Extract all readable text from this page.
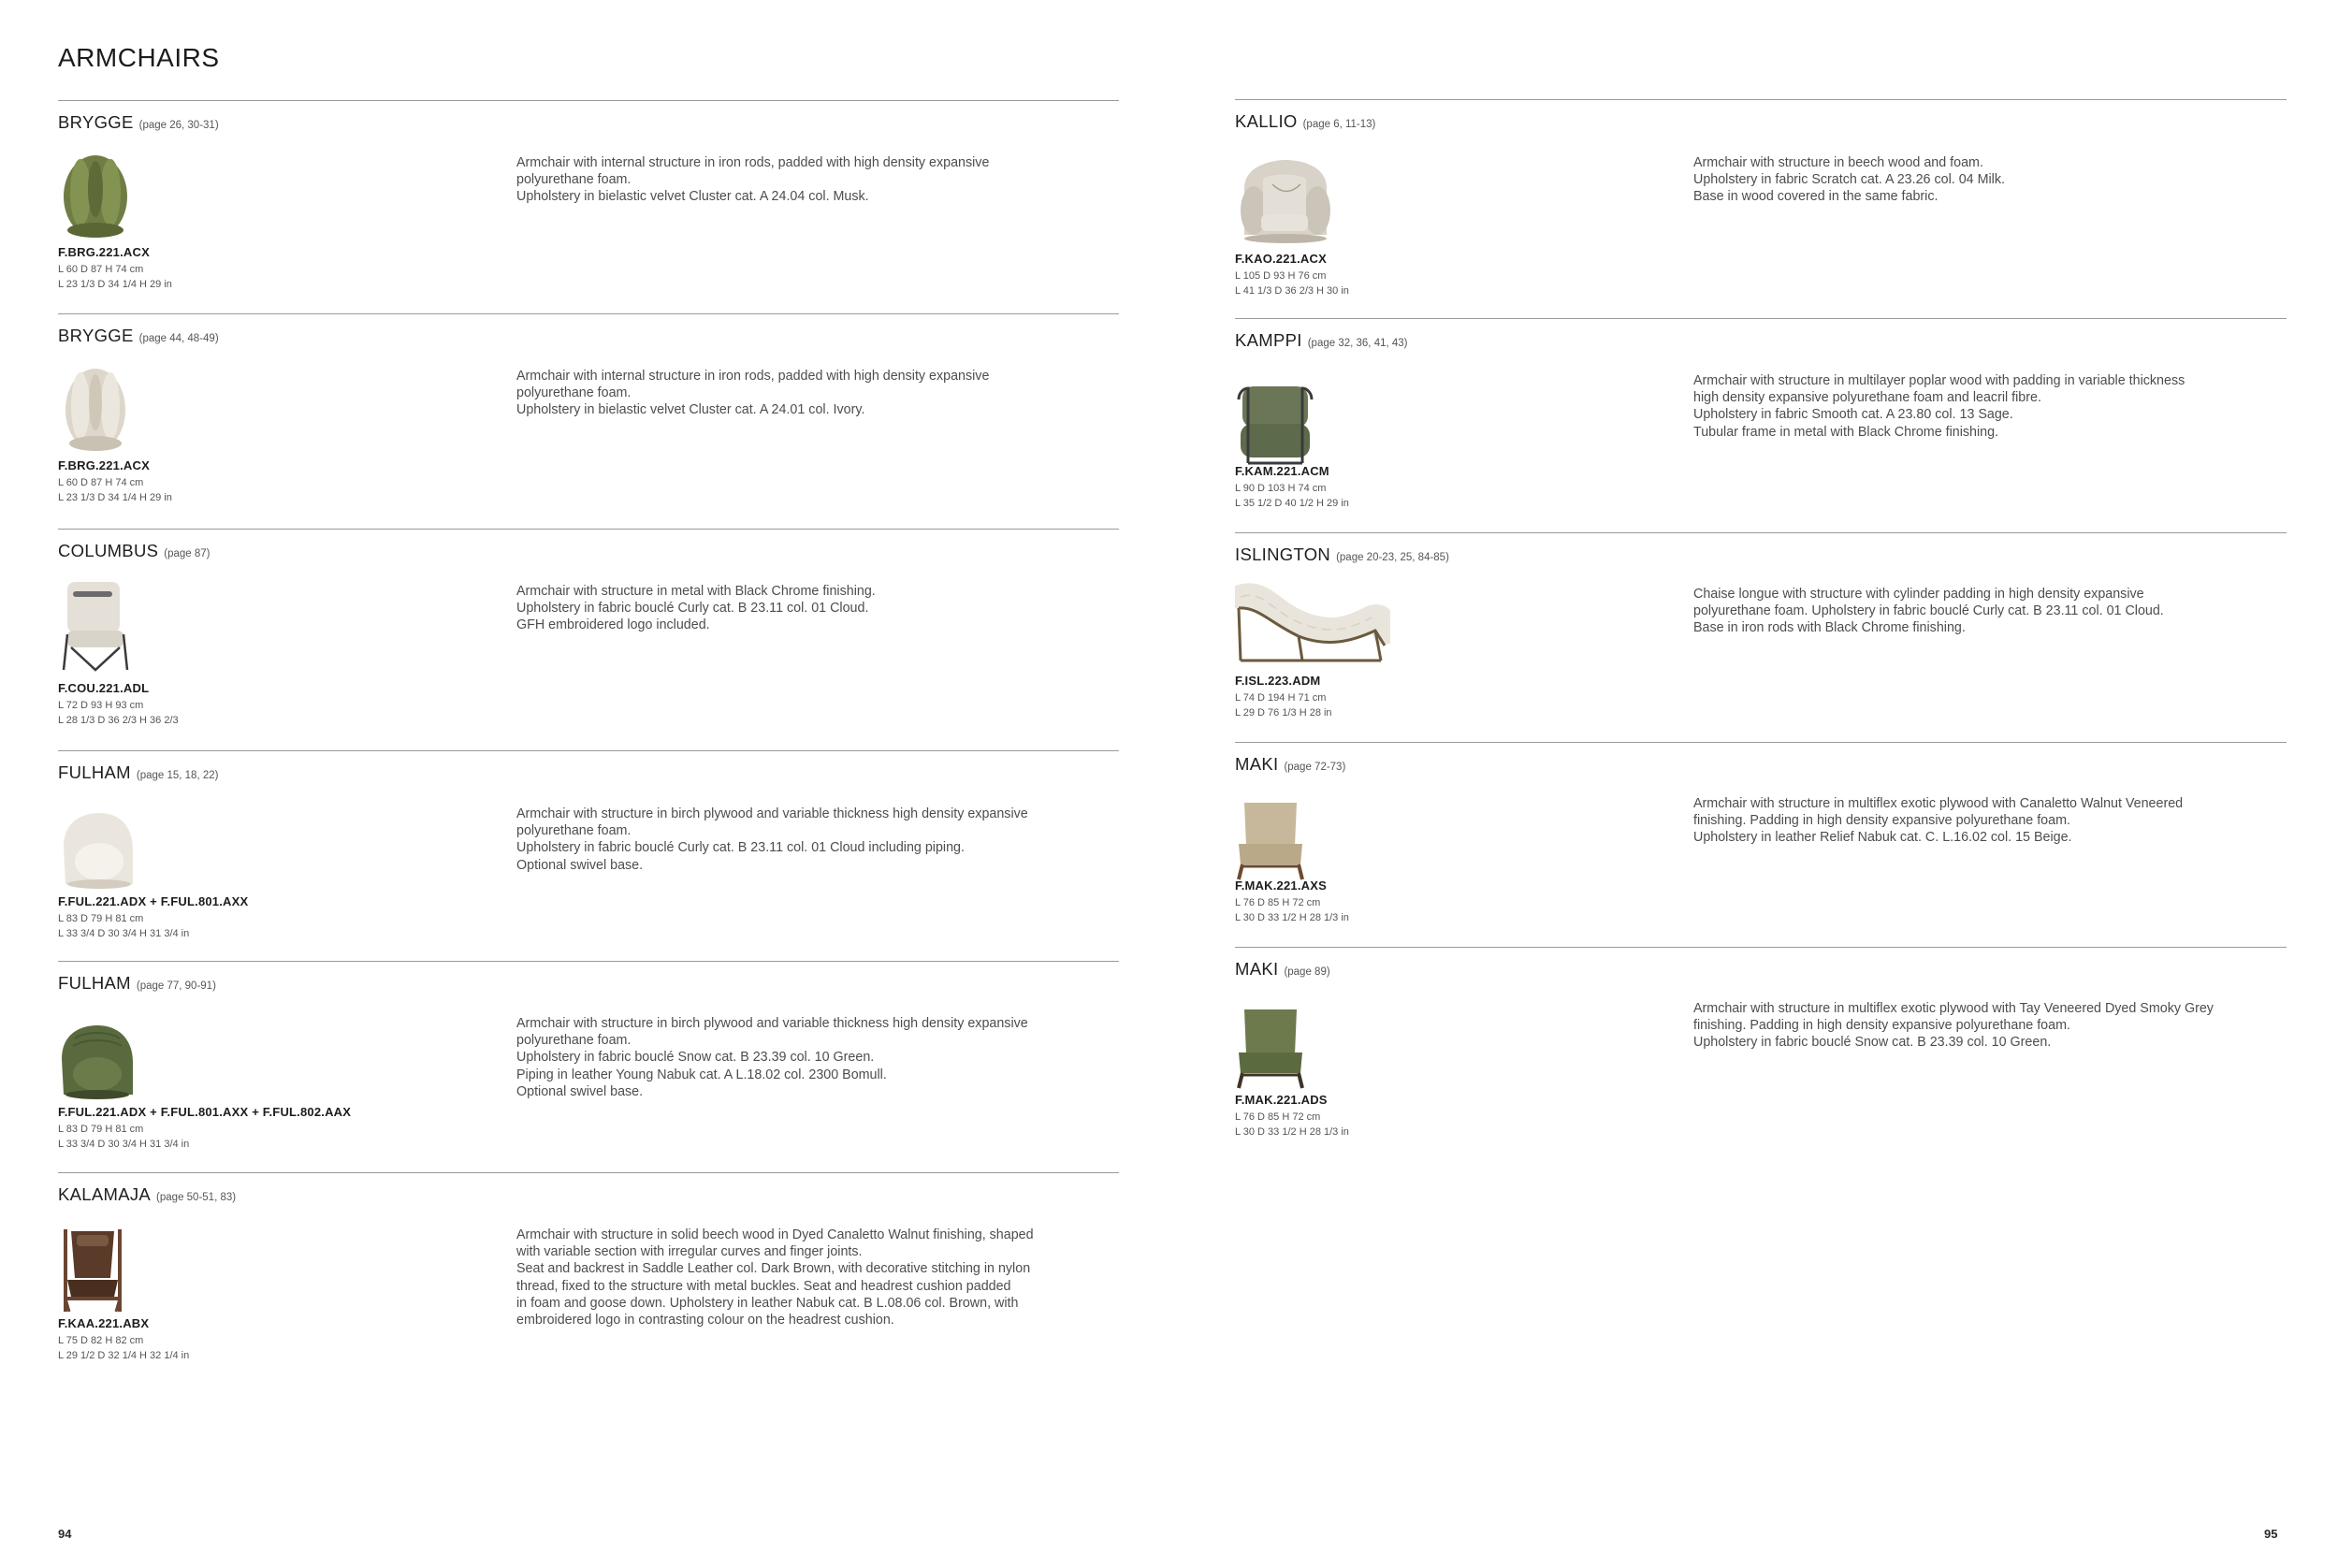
ARMCHAIRS
BRYGGE (page 26, 30-31)
F.BRG.221.ACX
L 60 D 87 H 74 cm
L 23 1/3 D 34 1/4 H 29 in
Armchair with internal structure in iron rods, padded with high density expansive
polyurethane foam.
Upholstery in bielastic velvet Cluster cat. A 24.04 col. Musk.
BRYGGE (page 44, 48-49)
F.BRG.221.ACX
L 60 D 87 H 74 cm
L 23 1/3 D 34 1/4 H 29 in
Armchair with internal structure in iron rods, padded with high density expansive
polyurethane foam.
Upholstery in bielastic velvet Cluster cat. A 24.01 col. Ivory.
COLUMBUS (page 87)
F.COU.221.ADL
L 72 D 93 H 93 cm
L 28 1/3 D 36 2/3 H 36 2/3
Armchair with structure in metal with Black Chrome finishing.
Upholstery in fabric bouclé Curly cat. B 23.11 col. 01 Cloud.
GFH embroidered logo included.
FULHAM (page 15, 18, 22)
F.FUL.221.ADX + F.FUL.801.AXX
L 83 D 79 H 81 cm
L 33 3/4 D 30 3/4 H 31 3/4 in
Armchair with structure in birch plywood and variable thickness high density expansive
polyurethane foam.
Upholstery in fabric bouclé Curly cat. B 23.11 col. 01 Cloud including piping.
Optional swivel base.
FULHAM (page 77, 90-91)
F.FUL.221.ADX + F.FUL.801.AXX + F.FUL.802.AAX
L 83 D 79 H 81 cm
L 33 3/4 D 30 3/4 H 31 3/4 in
Armchair with structure in birch plywood and variable thickness high density expansive
polyurethane foam.
Upholstery in fabric bouclé Snow cat. B 23.39 col. 10 Green.
Piping in leather Young Nabuk cat. A L.18.02 col. 2300 Bomull.
Optional swivel base.
KALAMAJA (page 50-51, 83)
F.KAA.221.ABX
L 75 D 82 H 82 cm
L 29 1/2 D 32 1/4 H 32 1/4 in
Armchair with structure in solid beech wood in Dyed Canaletto Walnut finishing, shaped
with variable section with irregular curves and finger joints.
Seat and backrest in Saddle Leather col. Dark Brown, with decorative stitching in nylon
thread, fixed to the structure with metal buckles. Seat and headrest cushion padded
in foam and goose down. Upholstery in leather Nabuk cat. B L.08.06 col. Brown, with
embroidered logo in contrasting colour on the headrest cushion.
KALLIO (page 6, 11-13)
F.KAO.221.ACX
L 105 D 93 H 76 cm
L 41 1/3 D 36 2/3 H 30 in
Armchair with structure in beech wood and foam.
Upholstery in fabric Scratch cat. A 23.26 col. 04 Milk.
Base in wood covered in the same fabric.
KAMPPI (page 32, 36, 41, 43)
F.KAM.221.ACM
L 90 D 103 H 74 cm
L 35 1/2 D 40 1/2 H 29 in
Armchair with structure in multilayer poplar wood with padding in variable thickness
high density expansive polyurethane foam and leacril fibre.
Upholstery in fabric Smooth cat. A 23.80 col. 13 Sage.
Tubular frame in metal with Black Chrome finishing.
ISLINGTON (page 20-23, 25, 84-85)
F.ISL.223.ADM
L 74 D 194 H 71 cm
L 29 D 76 1/3 H 28 in
Chaise longue with structure with cylinder padding in high density expansive
polyurethane foam. Upholstery in fabric bouclé Curly cat. B 23.11 col. 01 Cloud.
Base in iron rods with Black Chrome finishing.
MAKI (page 72-73)
F.MAK.221.AXS
L 76 D 85 H 72 cm
L 30 D 33 1/2 H 28 1/3 in
Armchair with structure in multiflex exotic plywood with Canaletto Walnut Veneered
finishing. Padding in high density expansive polyurethane foam.
Upholstery in leather Relief Nabuk cat. C. L.16.02 col. 15 Beige.
MAKI (page 89)
F.MAK.221.ADS
L 76 D 85 H 72 cm
L 30 D 33 1/2 H 28 1/3 in
Armchair with structure in multiflex exotic plywood with Tay Veneered Dyed Smoky Grey
finishing. Padding in high density expansive polyurethane foam.
Upholstery in fabric bouclé Snow cat. B 23.39 col. 10 Green.
94	95
